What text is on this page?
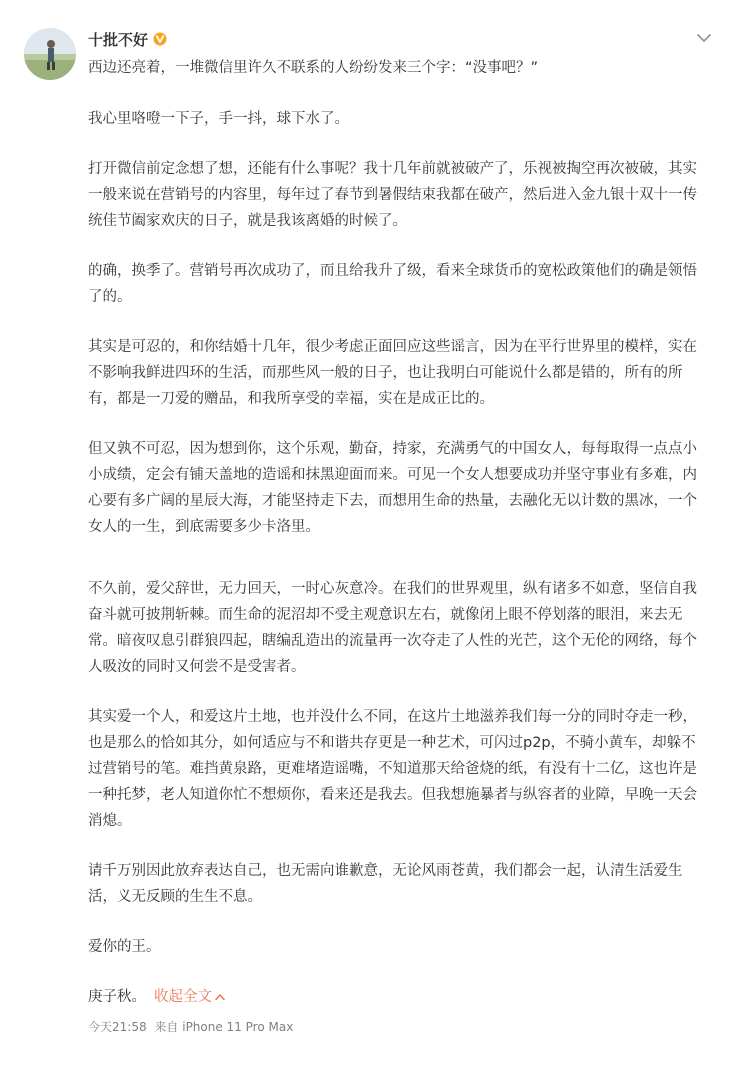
十批不好
西边还亮着，一堆微信里许久不联系的人纷纷发来三个字：“没事吧？”

我心里咯噔一下子，手一抖，球下水了。

打开微信前定念想了想，还能有什么事呢？我十几年前就被破产了，乐视被掏空再次被破，其实一般来说在营销号的内容里，每年过了春节到暑假结束我都在破产，然后进入金九银十双十一传统佳节阖家欢庆的日子，就是我该离婚的时候了。

的确，换季了。营销号再次成功了，而且给我升了级，看来全球货币的宽松政策他们的确是领悟了的。

其实是可忍的，和你结婚十几年，很少考虑正面回应这些谣言，因为在平行世界里的模样，实在不影响我鲜进四环的生活，而那些风一般的日子，也让我明白可能说什么都是错的，所有的所有，都是一刀爱的赠品，和我所享受的幸福，实在是成正比的。

但又孰不可忍，因为想到你，这个乐观，勤奋，持家，充满勇气的中国女人，每每取得一点点小小成绩，定会有铺天盖地的造谣和抹黑迎面而来。可见一个女人想要成功并坚守事业有多难，内心要有多广阔的星辰大海，才能坚持走下去，而想用生命的热量，去融化无以计数的黑冰，一个女人的一生，到底需要多少卡洛里。

不久前，爱父辞世，无力回天，一时心灰意冷。在我们的世界观里，纵有诸多不如意，坚信自我奋斗就可披荆斩棘。而生命的泥沼却不受主观意识左右，就像闭上眼不停划落的眼泪，来去无常。暗夜叹息引群狼四起，瞎编乱造出的流量再一次夺走了人性的光芒，这个无伦的网络，每个人吸汝的同时又何尝不是受害者。

其实爱一个人，和爱这片土地，也并没什么不同，在这片土地滋养我们每一分的同时夺走一秒，也是那么的恰如其分，如何适应与不和谐共存更是一种艺术，可闪过p2p，不骑小黄车，却躲不过营销号的笔。难挡黄泉路，更难堵造谣嘴，不知道那天给爸烧的纸，有没有十二亿，这也许是一种托梦，老人知道你忙不想烦你，看来还是我去。但我想施暴者与纵容者的业障，早晚一天会消熄。

请千万别因此放弃表达自己，也无需向谁歉意，无论风雨苍黄，我们都会一起，认清生活爱生活，义无反顾的生生不息。

爱你的王。

庚子秋。 收起全文
今天21:58 来自 iPhone 11 Pro Max
